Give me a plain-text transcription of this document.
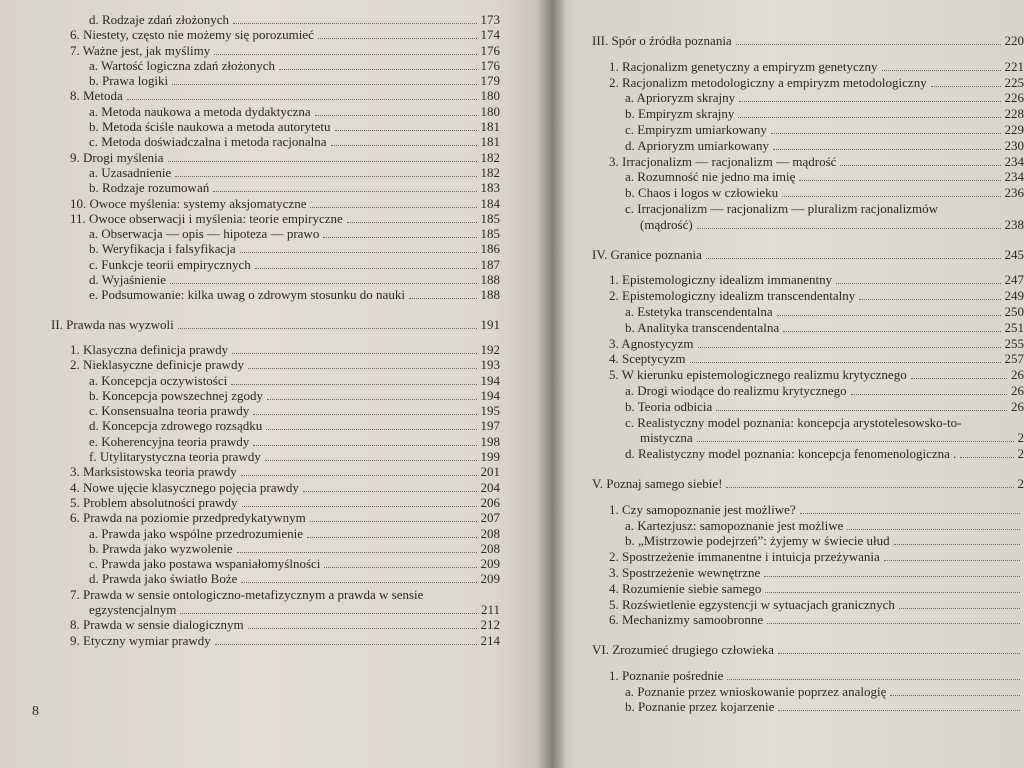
d. Rodzaje zdań złożonych	173
6. Niestety, często nie możemy się porozumieć	174
7. Ważne jest, jak myślimy	176
a. Wartość logiczna zdań złożonych	176
b. Prawa logiki	179
8. Metoda	180
a. Metoda naukowa a metoda dydaktyczna	180
b. Metoda ściśle naukowa a metoda autorytetu	181
c. Metoda doświadczalna i metoda racjonalna	181
9. Drogi myślenia	182
a. Uzasadnienie	182
b. Rodzaje rozumowań	183
10. Owoce myślenia: systemy aksjomatyczne	184
11. Owoce obserwacji i myślenia: teorie empiryczne	185
a. Obserwacja — opis — hipoteza — prawo	185
b. Weryfikacja i falsyfikacja	186
c. Funkcje teorii empirycznych	187
d. Wyjaśnienie	188
e. Podsumowanie: kilka uwag o zdrowym stosunku do nauki	188
II. Prawda nas wyzwoli	191
1. Klasyczna definicja prawdy	192
2. Nieklasyczne definicje prawdy	193
a. Koncepcja oczywistości	194
b. Koncepcja powszechnej zgody	194
c. Konsensualna teoria prawdy	195
d. Koncepcja zdrowego rozsądku	197
e. Koherencyjna teoria prawdy	198
f. Utylitarystyczna teoria prawdy	199
3. Marksistowska teoria prawdy	201
4. Nowe ujęcie klasycznego pojęcia prawdy	204
5. Problem absolutności prawdy	206
6. Prawda na poziomie przedpredykatywnym	207
a. Prawda jako wspólne przedrozumienie	208
b. Prawda jako wyzwolenie	208
c. Prawda jako postawa wspaniałomyślności	209
d. Prawda jako światło Boże	209
7. Prawda w sensie ontologiczno-metafizycznym a prawda w sensie
egzystencjalnym	211
8. Prawda w sensie dialogicznym	212
9. Etyczny wymiar prawdy	214
8
III. Spór o źródła poznania	220
1. Racjonalizm genetyczny a empiryzm genetyczny	221
2. Racjonalizm metodologiczny a empiryzm metodologiczny	225
a. Aprioryzm skrajny	226
b. Empiryzm skrajny	228
c. Empiryzm umiarkowany	229
d. Aprioryzm umiarkowany	230
3. Irracjonalizm — racjonalizm — mądrość	234
a. Rozumność nie jedno ma imię	234
b. Chaos i logos w człowieku	236
c. Irracjonalizm — racjonalizm — pluralizm racjonalizmów
(mądrość)	238
IV. Granice poznania	245
1. Epistemologiczny idealizm immanentny	247
2. Epistemologiczny idealizm transcendentalny	249
a. Estetyka transcendentalna	250
b. Analityka transcendentalna	251
3. Agnostycyzm	255
4. Sceptycyzm	257
5. W kierunku epistemologicznego realizmu krytycznego	26
a. Drogi wiodące do realizmu krytycznego	26
b. Teoria odbicia	26
c. Realistyczny model poznania: koncepcja arystotelesowsko-to-
mistyczna	2
d. Realistyczny model poznania: koncepcja fenomenologiczna .	2
V. Poznaj samego siebie!	2
1. Czy samopoznanie jest możliwe?
a. Kartezjusz: samopoznanie jest możliwe
b. „Mistrzowie podejrzeń”: żyjemy w świecie ułud
2. Spostrzeżenie immanentne i intuicja przeżywania
3. Spostrzeżenie wewnętrzne
4. Rozumienie siebie samego
5. Rozświetlenie egzystencji w sytuacjach granicznych
6. Mechanizmy samoobronne
VI. Zrozumieć drugiego człowieka
1. Poznanie pośrednie
a. Poznanie przez wnioskowanie poprzez analogię
b. Poznanie przez kojarzenie
